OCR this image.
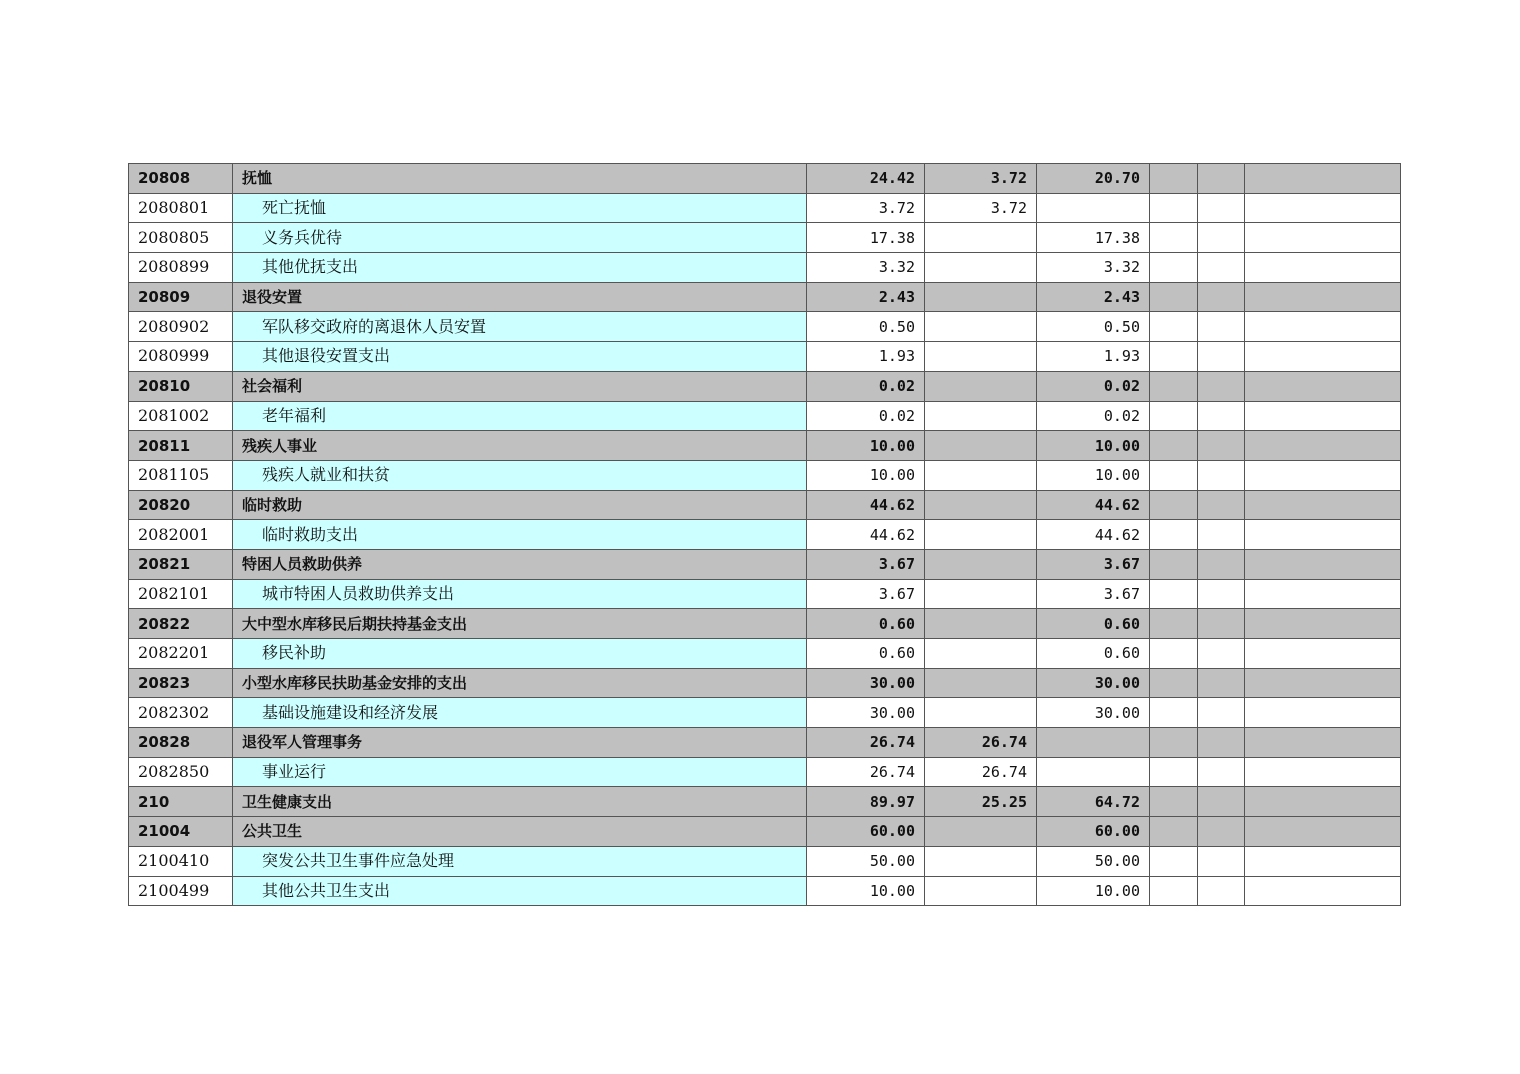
20808	抚恤	24.42	3.72	20.70			
2080801	死亡抚恤	3.72	3.72				
2080805	义务兵优待	17.38		17.38			
2080899	其他优抚支出	3.32		3.32			
20809	退役安置	2.43		2.43			
2080902	军队移交政府的离退休人员安置	0.50		0.50			
2080999	其他退役安置支出	1.93		1.93			
20810	社会福利	0.02		0.02			
2081002	老年福利	0.02		0.02			
20811	残疾人事业	10.00		10.00			
2081105	残疾人就业和扶贫	10.00		10.00			
20820	临时救助	44.62		44.62			
2082001	临时救助支出	44.62		44.62			
20821	特困人员救助供养	3.67		3.67			
2082101	城市特困人员救助供养支出	3.67		3.67			
20822	大中型水库移民后期扶持基金支出	0.60		0.60			
2082201	移民补助	0.60		0.60			
20823	小型水库移民扶助基金安排的支出	30.00		30.00			
2082302	基础设施建设和经济发展	30.00		30.00			
20828	退役军人管理事务	26.74	26.74				
2082850	事业运行	26.74	26.74				
210	卫生健康支出	89.97	25.25	64.72			
21004	公共卫生	60.00		60.00			
2100410	突发公共卫生事件应急处理	50.00		50.00			
2100499	其他公共卫生支出	10.00		10.00			
